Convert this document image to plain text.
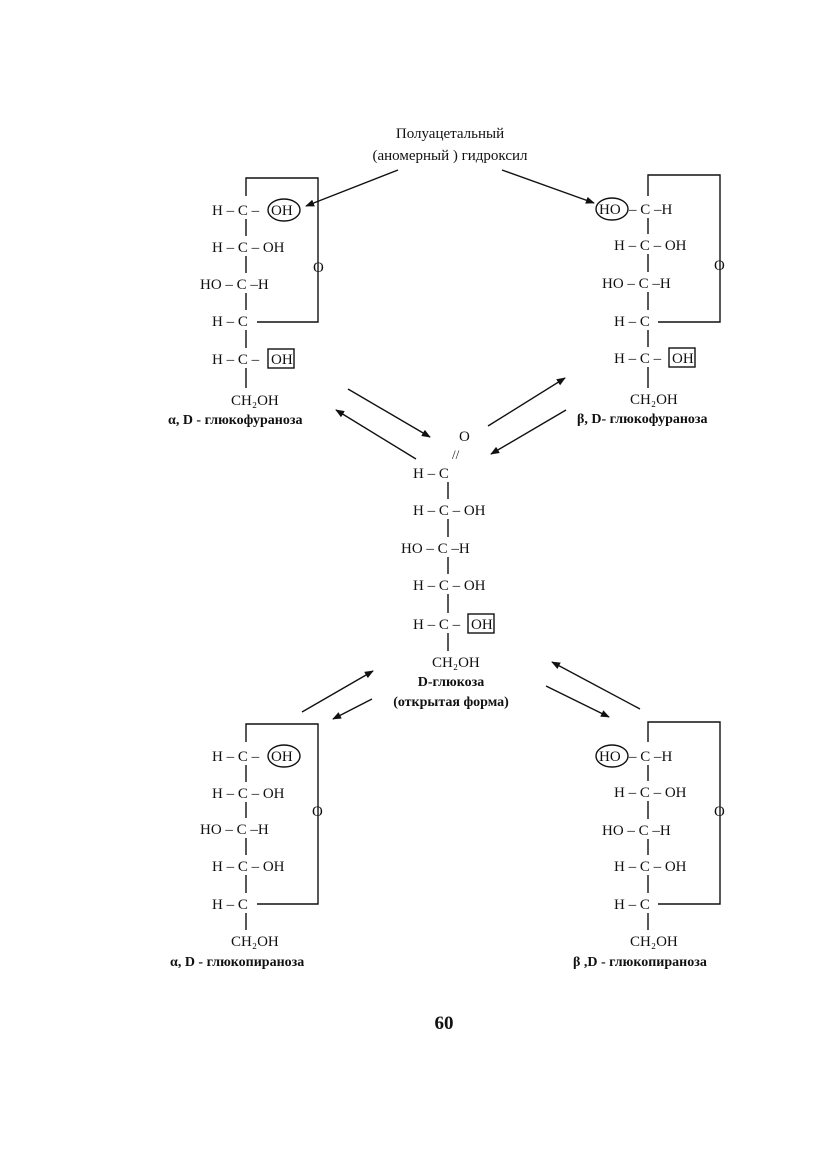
Полуацетальный
(аномерный ) гидроксил
H – C – OH
H – C – OH
HO – C –H
H – C
H – C – OH
CH₂OH
O
α, D - глюкофураноза
HO – C –H
H – C – OH
HO – C –H
H – C
H – C – OH
CH₂OH
O
β, D- глюкофураноза
O
//
H – C
H – C – OH
HO – C –H
H – C – OH
H – C – OH
CH₂OH
D-глюкоза
(открытая форма)
H – C – OH
H – C – OH
HO – C –H
H – C – OH
H – C
CH₂OH
O
α, D - глюкопираноза
HO – C –H
H – C – OH
HO – C –H
H – C – OH
H – C
CH₂OH
O
β ,D - глюкопираноза
60
